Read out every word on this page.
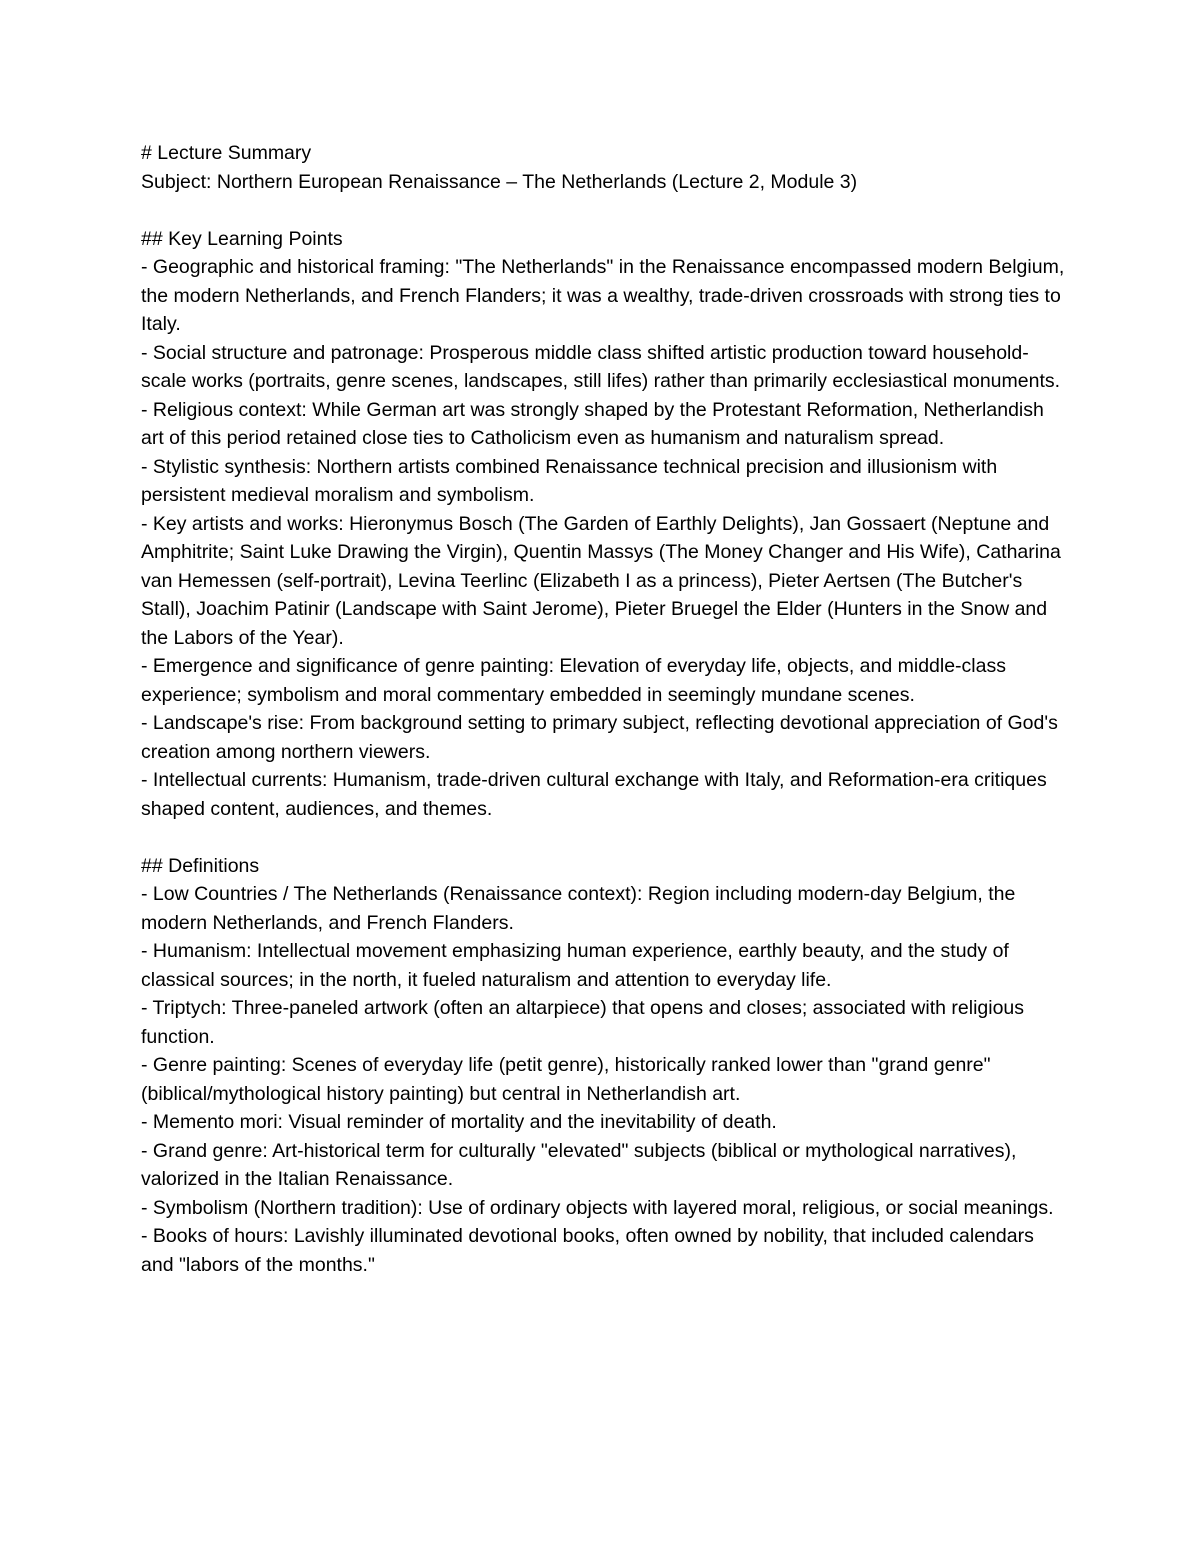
# Lecture Summary

Subject: Northern European Renaissance – The Netherlands (Lecture 2, Module 3)

## Key Learning Points

- Geographic and historical framing: "The Netherlands" in the Renaissance encompassed modern Belgium, the modern Netherlands, and French Flanders; it was a wealthy, trade-driven crossroads with strong ties to Italy.
- Social structure and patronage: Prosperous middle class shifted artistic production toward household-scale works (portraits, genre scenes, landscapes, still lifes) rather than primarily ecclesiastical monuments.
- Religious context: While German art was strongly shaped by the Protestant Reformation, Netherlandish art of this period retained close ties to Catholicism even as humanism and naturalism spread.
- Stylistic synthesis: Northern artists combined Renaissance technical precision and illusionism with persistent medieval moralism and symbolism.
- Key artists and works: Hieronymus Bosch (The Garden of Earthly Delights), Jan Gossaert (Neptune and Amphitrite; Saint Luke Drawing the Virgin), Quentin Massys (The Money Changer and His Wife), Catharina van Hemessen (self-portrait), Levina Teerlinc (Elizabeth I as a princess), Pieter Aertsen (The Butcher's Stall), Joachim Patinir (Landscape with Saint Jerome), Pieter Bruegel the Elder (Hunters in the Snow and the Labors of the Year).
- Emergence and significance of genre painting: Elevation of everyday life, objects, and middle-class experience; symbolism and moral commentary embedded in seemingly mundane scenes.
- Landscape's rise: From background setting to primary subject, reflecting devotional appreciation of God's creation among northern viewers.
- Intellectual currents: Humanism, trade-driven cultural exchange with Italy, and Reformation-era critiques shaped content, audiences, and themes.

## Definitions

- Low Countries / The Netherlands (Renaissance context): Region including modern-day Belgium, the modern Netherlands, and French Flanders.
- Humanism: Intellectual movement emphasizing human experience, earthly beauty, and the study of classical sources; in the north, it fueled naturalism and attention to everyday life.
- Triptych: Three-paneled artwork (often an altarpiece) that opens and closes; associated with religious function.
- Genre painting: Scenes of everyday life (petit genre), historically ranked lower than "grand genre" (biblical/mythological history painting) but central in Netherlandish art.
- Memento mori: Visual reminder of mortality and the inevitability of death.
- Grand genre: Art-historical term for culturally "elevated" subjects (biblical or mythological narratives), valorized in the Italian Renaissance.
- Symbolism (Northern tradition): Use of ordinary objects with layered moral, religious, or social meanings.
- Books of hours: Lavishly illuminated devotional books, often owned by nobility, that included calendars and "labors of the months."
